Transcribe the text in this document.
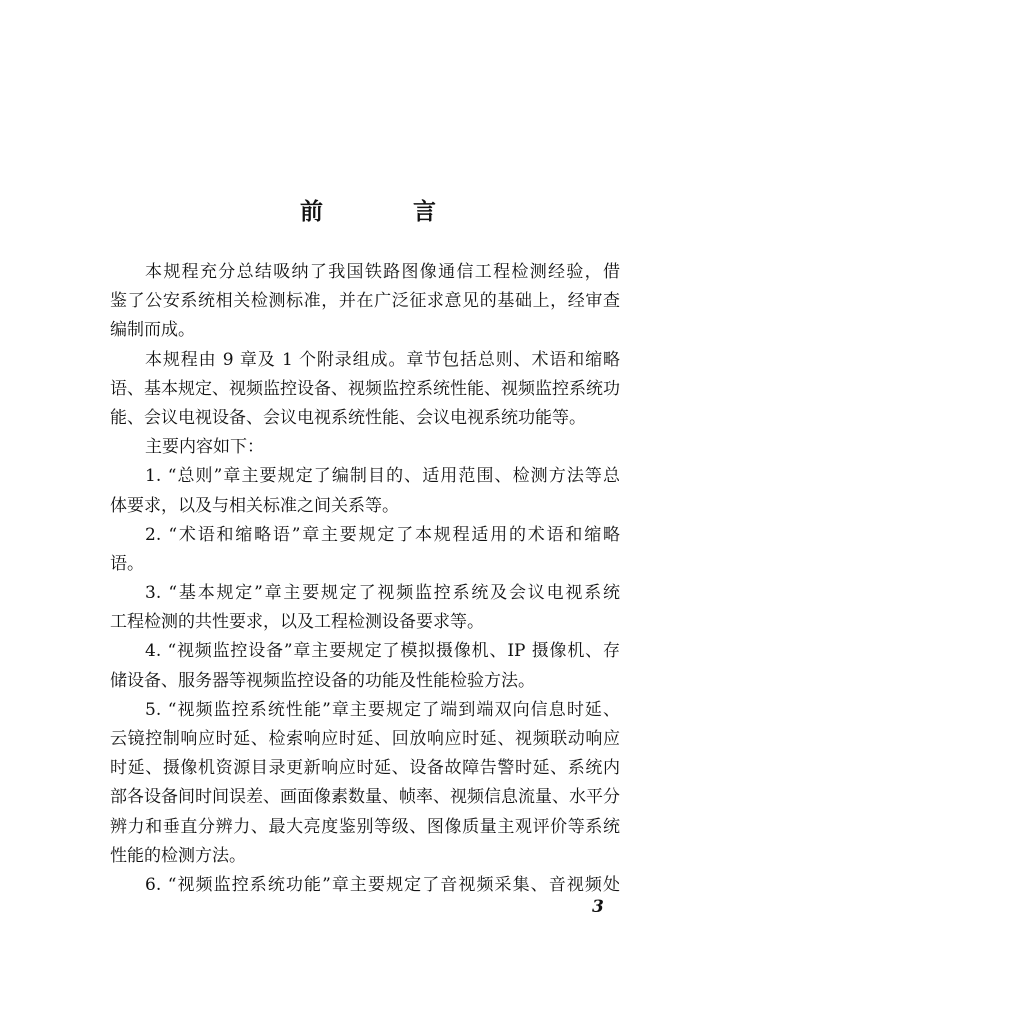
前	言
本规程充分总结吸纳了我国铁路图像通信工程检测经验，借
鉴了公安系统相关检测标准，并在广泛征求意见的基础上，经审查
编制而成。
本规程由 9 章及 1 个附录组成。章节包括总则、术语和缩略
语、基本规定、视频监控设备、视频监控系统性能、视频监控系统功
能、会议电视设备、会议电视系统性能、会议电视系统功能等。
主要内容如下：
1. “总则”章主要规定了编制目的、适用范围、检测方法等总
体要求，以及与相关标准之间关系等。
2. “术语和缩略语”章主要规定了本规程适用的术语和缩略
语。
3. “基本规定”章主要规定了视频监控系统及会议电视系统
工程检测的共性要求，以及工程检测设备要求等。
4. “视频监控设备”章主要规定了模拟摄像机、IP 摄像机、存
储设备、服务器等视频监控设备的功能及性能检验方法。
5. “视频监控系统性能”章主要规定了端到端双向信息时延、
云镜控制响应时延、检索响应时延、回放响应时延、视频联动响应
时延、摄像机资源目录更新响应时延、设备故障告警时延、系统内
部各设备间时间误差、画面像素数量、帧率、视频信息流量、水平分
辨力和垂直分辨力、最大亮度鉴别等级、图像质量主观评价等系统
性能的检测方法。
6. “视频监控系统功能”章主要规定了音视频采集、音视频处
3
